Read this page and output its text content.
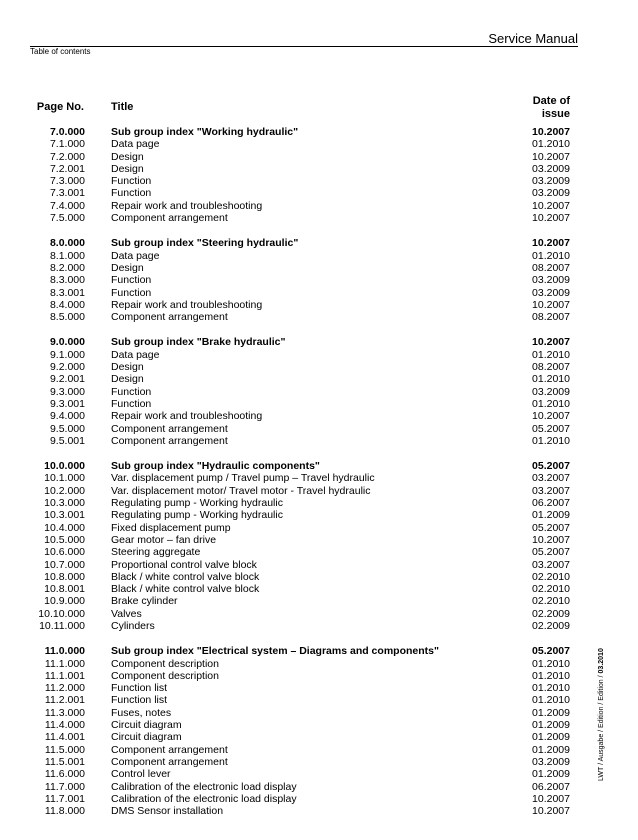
Service Manual
Table of contents
Page No. Title	Date of
issue
7.0.000 Sub group index "Working hydraulic"	10.2007
7.1.000 Data page	01.2010
7.2.000 Design	10.2007
7.2.001 Design	03.2009
7.3.000 Function	03.2009
7.3.001 Function	03.2009
7.4.000 Repair work and troubleshooting	10.2007
7.5.000 Component arrangement	10.2007
8.0.000 Sub group index "Steering hydraulic"	10.2007
8.1.000 Data page	01.2010
8.2.000 Design	08.2007
8.3.000 Function	03.2009
8.3.001 Function	03.2009
8.4.000 Repair work and troubleshooting	10.2007
8.5.000 Component arrangement	08.2007
9.0.000 Sub group index "Brake hydraulic"	10.2007
9.1.000 Data page	01.2010
9.2.000 Design	08.2007
9.2.001 Design	01.2010
9.3.000 Function	03.2009
9.3.001 Function	01.2010
9.4.000 Repair work and troubleshooting	10.2007
9.5.000 Component arrangement	05.2007
9.5.001 Component arrangement	01.2010
10.0.000 Sub group index "Hydraulic components"	05.2007
10.1.000 Var. displacement pump / Travel pump – Travel hydraulic	03.2007
10.2.000 Var. displacement motor/ Travel motor - Travel hydraulic	03.2007
10.3.000 Regulating pump - Working hydraulic	06.2007
10.3.001 Regulating pump - Working hydraulic	01.2009
10.4.000 Fixed displacement pump	05.2007
10.5.000 Gear motor – fan drive	10.2007
10.6.000 Steering aggregate	05.2007
10.7.000 Proportional control valve block	03.2007
10.8.000 Black / white control valve block	02.2010
10.8.001 Black / white control valve block	02.2010
10.9.000 Brake cylinder	02.2010
10.10.000 Valves	02.2009
10.11.000 Cylinders	02.2009
11.0.000 Sub group index "Electrical system – Diagrams and components"	05.2007
11.1.000 Component description	01.2010
11.1.001 Component description	01.2010
11.2.000 Function list	01.2010
11.2.001 Function list	01.2010
11.3.000 Fuses, notes	01.2009
11.4.000 Circuit diagram	01.2009
11.4.001 Circuit diagram	01.2009
11.5.000 Component arrangement	01.2009
11.5.001 Component arrangement	03.2009
11.6.000 Control lever	01.2009
11.7.000 Calibration of the electronic load display	06.2007
11.7.001 Calibration of the electronic load display	10.2007
11.8.000 DMS Sensor installation	10.2007
LWT / Ausgabe / Edition / Edition / 03.2010
